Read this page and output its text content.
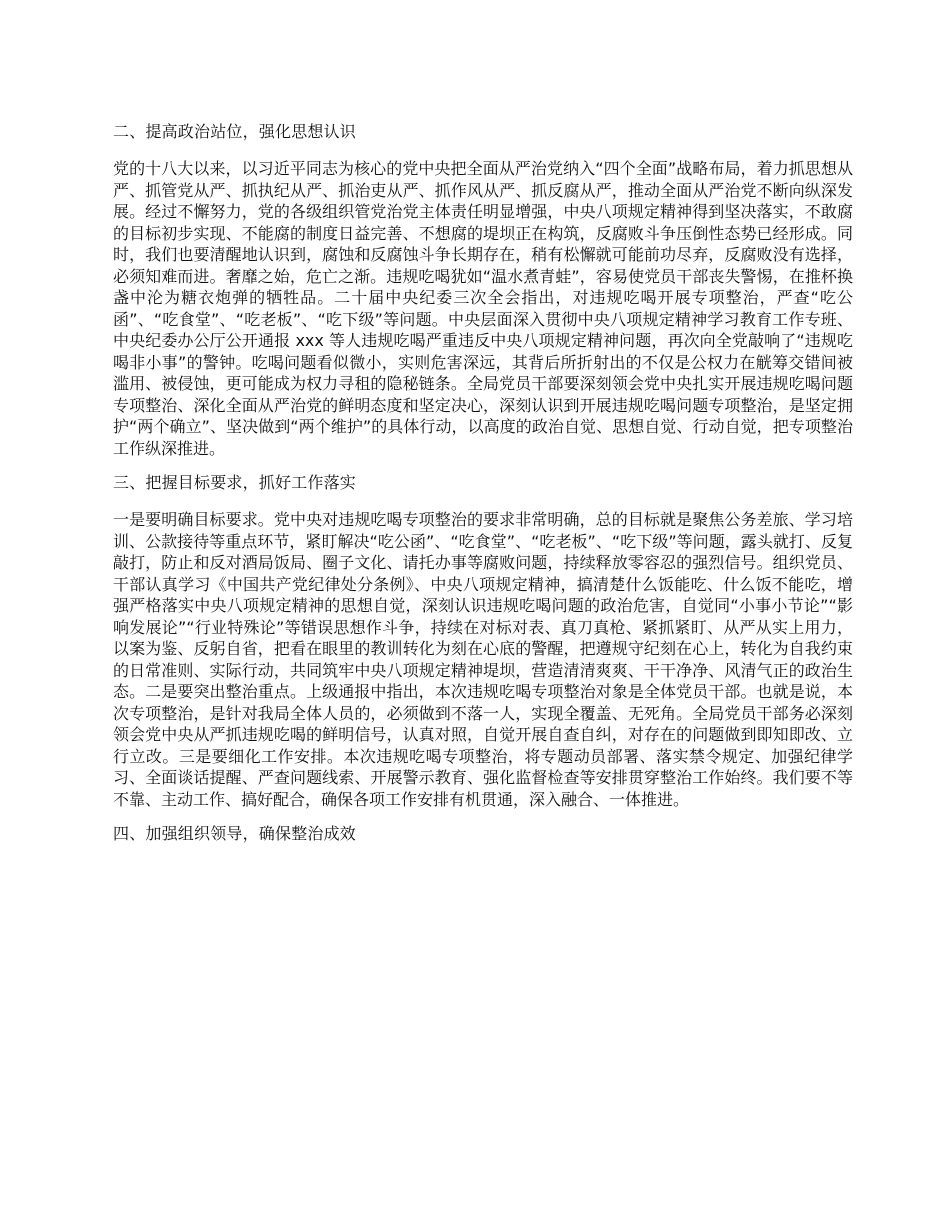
二、提高政治站位，强化思想认识
党的十八大以来，以习近平同志为核心的党中央把全面从严治党纳入“四个全面”战略布局，着力抓思想从严、抓管党从严、抓执纪从严、抓治吏从严、抓作风从严、抓反腐从严，推动全面从严治党不断向纵深发展。经过不懈努力，党的各级组织管党治党主体责任明显增强，中央八项规定精神得到坚决落实，不敢腐的目标初步实现、不能腐的制度日益完善、不想腐的堤坝正在构筑，反腐败斗争压倒性态势已经形成。同时，我们也要清醒地认识到，腐蚀和反腐蚀斗争长期存在，稍有松懈就可能前功尽弃，反腐败没有选择，必须知难而进。奢靡之始，危亡之渐。违规吃喝犹如“温水煮青蛙”，容易使党员干部丧失警惕，在推杯换盏中沦为糖衣炮弹的牺牲品。二十届中央纪委三次全会指出，对违规吃喝开展专项整治，严查“吃公函”、“吃食堂”、“吃老板”、“吃下级”等问题。中央层面深入贯彻中央八项规定精神学习教育工作专班、中央纪委办公厅公开通报 xxx 等人违规吃喝严重违反中央八项规定精神问题，再次向全党敲响了“违规吃喝非小事”的警钟。吃喝问题看似微小，实则危害深远，其背后所折射出的不仅是公权力在觥筹交错间被滥用、被侵蚀，更可能成为权力寻租的隐秘链条。全局党员干部要深刻领会党中央扎实开展违规吃喝问题专项整治、深化全面从严治党的鲜明态度和坚定决心，深刻认识到开展违规吃喝问题专项整治，是坚定拥护“两个确立”、坚决做到“两个维护”的具体行动，以高度的政治自觉、思想自觉、行动自觉，把专项整治工作纵深推进。
三、把握目标要求，抓好工作落实
一是要明确目标要求。党中央对违规吃喝专项整治的要求非常明确，总的目标就是聚焦公务差旅、学习培训、公款接待等重点环节，紧盯解决“吃公函”、“吃食堂”、“吃老板”、“吃下级”等问题，露头就打、反复敲打，防止和反对酒局饭局、圈子文化、请托办事等腐败问题，持续释放零容忍的强烈信号。组织党员、干部认真学习《中国共产党纪律处分条例》、中央八项规定精神，搞清楚什么饭能吃、什么饭不能吃，增强严格落实中央八项规定精神的思想自觉，深刻认识违规吃喝问题的政治危害，自觉同“小事小节论”“影响发展论”“行业特殊论”等错误思想作斗争，持续在对标对表、真刀真枪、紧抓紧盯、从严从实上用力，以案为鉴、反躬自省，把看在眼里的教训转化为刻在心底的警醒，把遵规守纪刻在心上，转化为自我约束的日常准则、实际行动，共同筑牢中央八项规定精神堤坝，营造清清爽爽、干干净净、风清气正的政治生态。二是要突出整治重点。上级通报中指出，本次违规吃喝专项整治对象是全体党员干部。也就是说，本次专项整治，是针对我局全体人员的，必须做到不落一人，实现全覆盖、无死角。全局党员干部务必深刻领会党中央从严抓违规吃喝的鲜明信号，认真对照，自觉开展自查自纠，对存在的问题做到即知即改、立行立改。三是要细化工作安排。本次违规吃喝专项整治，将专题动员部署、落实禁令规定、加强纪律学习、全面谈话提醒、严查问题线索、开展警示教育、强化监督检查等安排贯穿整治工作始终。我们要不等不靠、主动工作、搞好配合，确保各项工作安排有机贯通，深入融合、一体推进。
四、加强组织领导，确保整治成效
